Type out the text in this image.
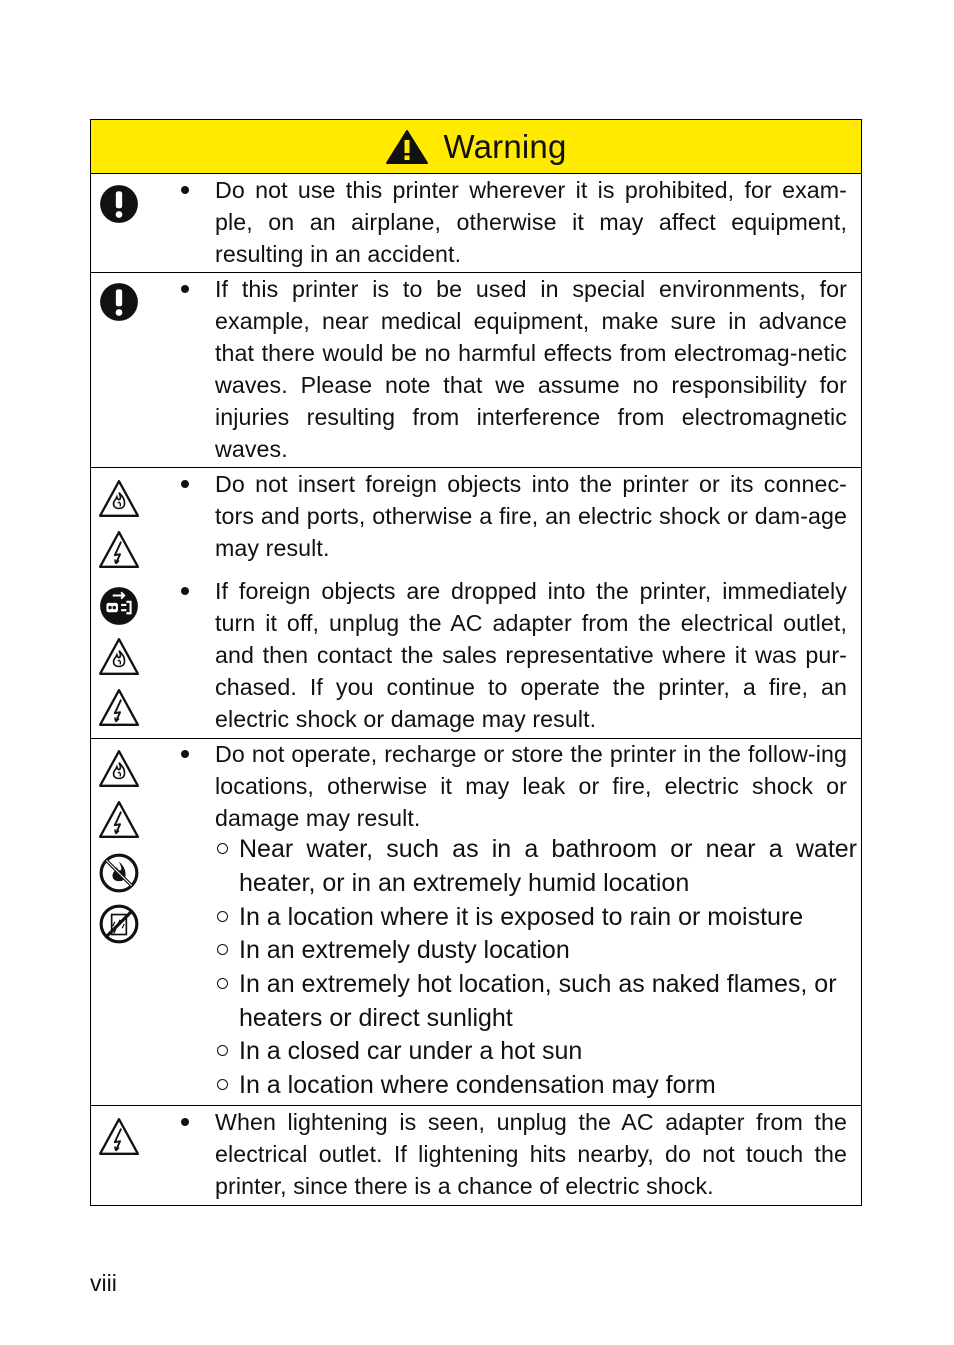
Warning
Do not use this printer wherever it is prohibited, for exam-ple, on an airplane, otherwise it may affect equipment, resulting in an accident.
If this printer is to be used in special environments, for example, near medical equipment, make sure in advance that there would be no harmful effects from electromag-netic waves. Please note that we assume no responsibility for injuries resulting from interference from electromagnetic waves.
Do not insert foreign objects into the printer or its connec-tors and ports, otherwise a fire, an electric shock or dam-age may result.
If foreign objects are dropped into the printer, immediately turn it off, unplug the AC adapter from the electrical outlet, and then contact the sales representative where it was pur-chased. If you continue to operate the printer, a fire, an electric shock or damage may result.
Do not operate, recharge or store the printer in the follow-ing locations, otherwise it may leak or fire, electric shock or damage may result.
Near water, such as in a bathroom or near a water heater, or in an extremely humid location
In a location where it is exposed to rain or moisture
In an extremely dusty location
In an extremely hot location, such as naked flames, or heaters or direct sunlight
In a closed car under a hot sun
In a location where condensation may form
When lightening is seen, unplug the AC adapter from the electrical outlet. If lightening hits nearby, do not touch the printer, since there is a chance of electric shock.
viii
